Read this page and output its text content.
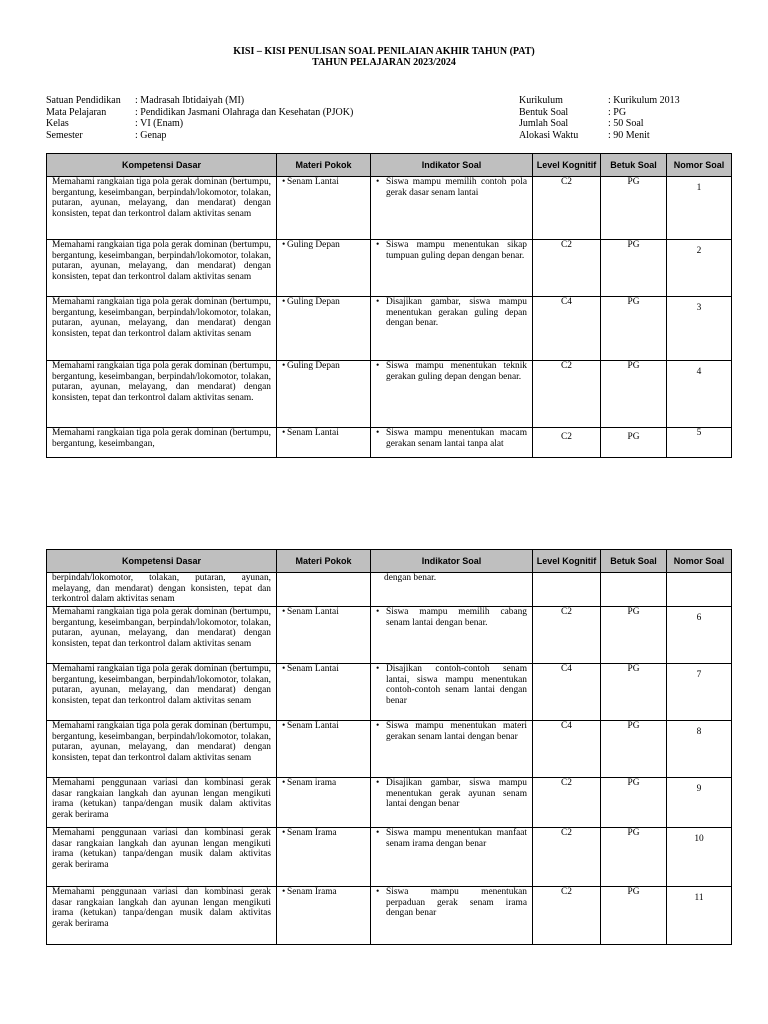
KISI – KISI PENULISAN SOAL PENILAIAN AKHIR TAHUN (PAT)
TAHUN PELAJARAN 2023/2024
Satuan Pendidikan	: Madrasah Ibtidaiyah (MI)
Mata Pelajaran	: Pendidikan Jasmani Olahraga dan Kesehatan (PJOK)
Kelas	: VI (Enam)
Semester	: Genap
Kurikulum	: Kurikulum 2013
Bentuk Soal	: PG
Jumlah Soal	: 50 Soal
Alokasi Waktu	: 90 Menit
Kompetensi Dasar	Materi Pokok	Indikator Soal	Level Kognitif	Betuk Soal	Nomor Soal
Memahami rangkaian tiga pola gerak dominan (bertumpu, bergantung, keseimbangan, berpindah/lokomotor, tolakan, putaran, ayunan, melayang, dan mendarat) dengan konsisten, tepat dan terkontrol dalam aktivitas senam	• Senam Lantai	• Siswa mampu memilih contoh pola gerak dasar senam lantai	C2	PG	1
Memahami rangkaian tiga pola gerak dominan (bertumpu, bergantung, keseimbangan, berpindah/lokomotor, tolakan, putaran, ayunan, melayang, dan mendarat) dengan konsisten, tepat dan terkontrol dalam aktivitas senam	• Guling Depan	• Siswa mampu menentukan sikap tumpuan guling depan dengan benar.	C2	PG	2
Memahami rangkaian tiga pola gerak dominan (bertumpu, bergantung, keseimbangan, berpindah/lokomotor, tolakan, putaran, ayunan, melayang, dan mendarat) dengan konsisten, tepat dan terkontrol dalam aktivitas senam	• Guling Depan	• Disajikan gambar, siswa mampu menentukan gerakan guling depan dengan benar.	C4	PG	3
Memahami rangkaian tiga pola gerak dominan (bertumpu, bergantung, keseimbangan, berpindah/lokomotor, tolakan, putaran, ayunan, melayang, dan mendarat) dengan konsisten, tepat dan terkontrol dalam aktivitas senam.	• Guling Depan	• Siswa mampu menentukan teknik gerakan guling depan dengan benar.	C2	PG	4
Memahami rangkaian tiga pola gerak dominan (bertumpu, bergantung, keseimbangan,	• Senam Lantai	• Siswa mampu menentukan macam gerakan senam lantai tanpa alat	C2	PG	5
Kompetensi Dasar	Materi Pokok	Indikator Soal	Level Kognitif	Betuk Soal	Nomor Soal
berpindah/lokomotor, tolakan, putaran, ayunan, melayang, dan mendarat) dengan konsisten, tepat dan terkontrol dalam aktivitas senam		dengan benar.			
Memahami rangkaian tiga pola gerak dominan (bertumpu, bergantung, keseimbangan, berpindah/lokomotor, tolakan, putaran, ayunan, melayang, dan mendarat) dengan konsisten, tepat dan terkontrol dalam aktivitas senam	• Senam Lantai	• Siswa mampu memilih cabang senam lantai dengan benar.	C2	PG	6
Memahami rangkaian tiga pola gerak dominan (bertumpu, bergantung, keseimbangan, berpindah/lokomotor, tolakan, putaran, ayunan, melayang, dan mendarat) dengan konsisten, tepat dan terkontrol dalam aktivitas senam	• Senam Lantai	• Disajikan contoh-contoh senam lantai, siswa mampu menentukan contoh-contoh senam lantai dengan benar	C4	PG	7
Memahami rangkaian tiga pola gerak dominan (bertumpu, bergantung, keseimbangan, berpindah/lokomotor, tolakan, putaran, ayunan, melayang, dan mendarat) dengan konsisten, tepat dan terkontrol dalam aktivitas senam	• Senam Lantai	• Siswa mampu menentukan materi gerakan senam lantai dengan benar	C4	PG	8
Memahami penggunaan variasi dan kombinasi gerak dasar rangkaian langkah dan ayunan lengan mengikuti irama (ketukan) tanpa/dengan musik dalam aktivitas gerak berirama	• Senam irama	• Disajikan gambar, siswa mampu menentukan gerak ayunan senam lantai dengan benar	C2	PG	9
Memahami penggunaan variasi dan kombinasi gerak dasar rangkaian langkah dan ayunan lengan mengikuti irama (ketukan) tanpa/dengan musik dalam aktivitas gerak berirama	• Senam Irama	• Siswa mampu menentukan manfaat senam irama dengan benar	C2	PG	10
Memahami penggunaan variasi dan kombinasi gerak dasar rangkaian langkah dan ayunan lengan mengikuti irama (ketukan) tanpa/dengan musik dalam aktivitas gerak berirama	• Senam Irama	• Siswa mampu menentukan perpaduan gerak senam irama dengan benar	C2	PG	11
